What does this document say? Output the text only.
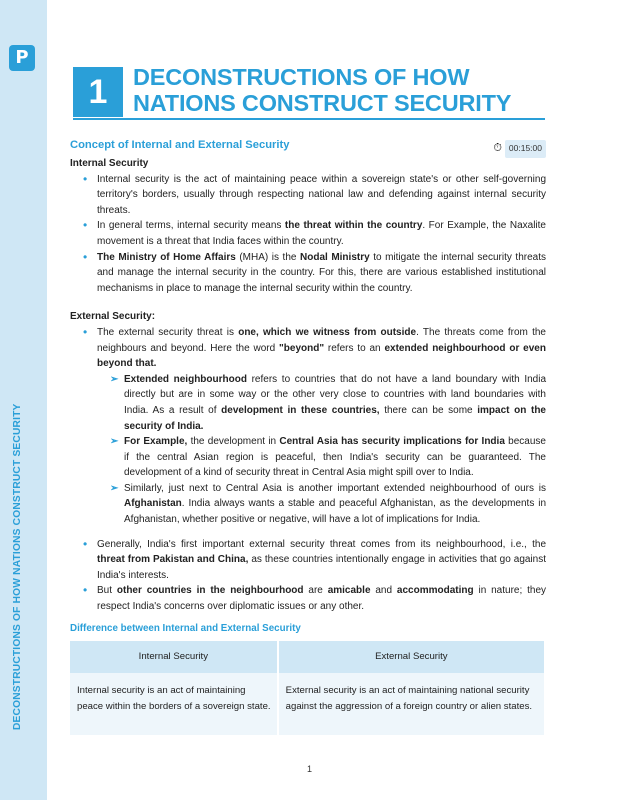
P
DECONSTRUCTIONS OF HOW NATIONS CONSTRUCT SECURITY
1	DECONSTRUCTIONS OF HOW
NATIONS CONSTRUCT SECURITY
Concept of Internal and External Security	⏱ 00:15:00
Internal Security
• Internal security is the act of maintaining peace within a sovereign state's or other self-governing territory's borders, usually through respecting national law and defending against internal security threats.
• In general terms, internal security means the threat within the country. For Example, the Naxalite movement is a threat that India faces within the country.
• The Ministry of Home Affairs (MHA) is the Nodal Ministry to mitigate the internal security threats and manage the internal security in the country. For this, there are various established institutional mechanisms in place to manage the internal security within the country.
External Security:
• The external security threat is one, which we witness from outside. The threats come from the neighbours and beyond. Here the word "beyond" refers to an extended neighbourhood or even beyond that.
➢ Extended neighbourhood refers to countries that do not have a land boundary with India directly but are in some way or the other very close to countries with land boundaries with India. As a result of development in these countries, there can be some impact on the security of India.
➢ For Example, the development in Central Asia has security implications for India because if the central Asian region is peaceful, then India's security can be guaranteed. The development of a kind of security threat in Central Asia might spill over to India.
➢ Similarly, just next to Central Asia is another important extended neighbourhood of ours is Afghanistan. India always wants a stable and peaceful Afghanistan, as the developments in Afghanistan, whether positive or negative, will have a lot of implications for India.
• Generally, India's first important external security threat comes from its neighbourhood, i.e., the threat from Pakistan and China, as these countries intentionally engage in activities that go against India's interests.
• But other countries in the neighbourhood are amicable and accommodating in nature; they respect India's concerns over diplomatic issues or any other.
Difference between Internal and External Security
Internal Security	External Security
Internal security is an act of maintaining peace within the borders of a sovereign state.	External security is an act of maintaining national security against the aggression of a foreign country or alien states.
1
